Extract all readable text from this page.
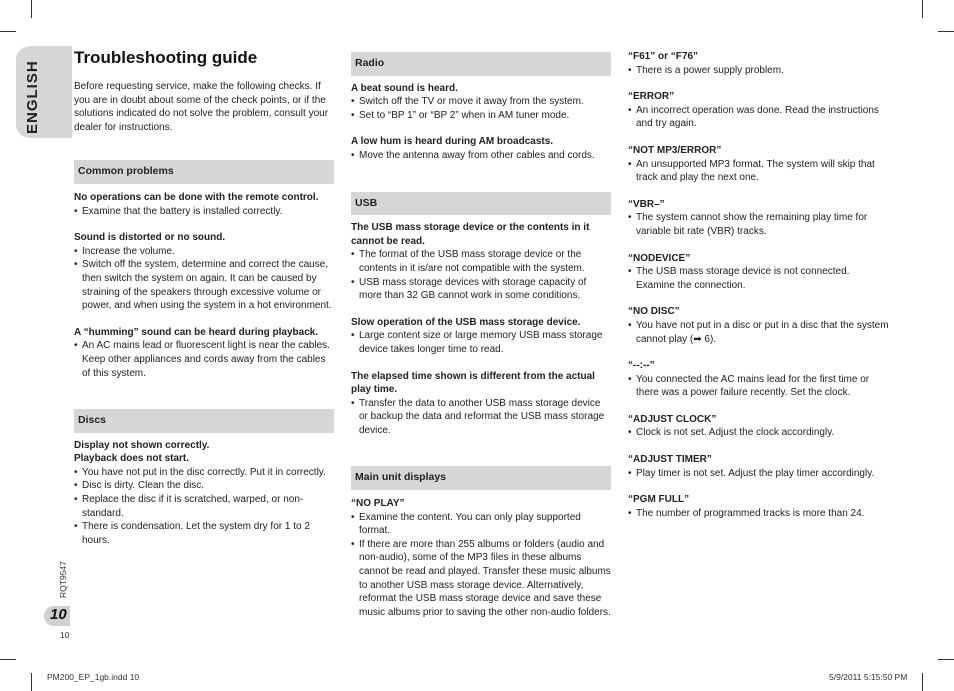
ENGLISH
Troubleshooting guide

Before requesting service, make the following checks. If you are in doubt about some of the check points, or if the solutions indicated do not solve the problem, consult your dealer for instructions.

Common problems

No operations can be done with the remote control.

• Examine that the battery is installed correctly.

Sound is distorted or no sound.

• Increase the volume.
• Switch off the system, determine and correct the cause, then switch the system on again. It can be caused by straining of the speakers through excessive volume or power, and when using the system in a hot environment.

A “humming” sound can be heard during playback.

• An AC mains lead or fluorescent light is near the cables. Keep other appliances and cords away from the cables of this system.
Discs

Display not shown correctly.

Playback does not start.

• You have not put in the disc correctly. Put it in correctly.
• Disc is dirty. Clean the disc.
• Replace the disc if it is scratched, warped, or non-standard.
• There is condensation. Let the system dry for 1 to 2 hours.
Radio

A beat sound is heard.

• Switch off the TV or move it away from the system.
• Set to “BP 1” or “BP 2” when in AM tuner mode.

A low hum is heard during AM broadcasts.

• Move the antenna away from other cables and cords.
USB

The USB mass storage device or the contents in it cannot be read.

• The format of the USB mass storage device or the contents in it is/are not compatible with the system.
• USB mass storage devices with storage capacity of more than 32 GB cannot work in some conditions.

Slow operation of the USB mass storage device.

• Large content size or large memory USB mass storage device takes longer time to read.

The elapsed time shown is different from the actual play time.

• Transfer the data to another USB mass storage device or backup the data and reformat the USB mass storage device.
Main unit displays

“NO PLAY”

• Examine the content. You can only play supported format.
• If there are more than 255 albums or folders (audio and non-audio), some of the MP3 files in these albums cannot be read and played. Transfer these music albums to another USB mass storage device. Alternatively, reformat the USB mass storage device and save these music albums prior to saving the other non-audio folders.

“F61” or “F76”

• There is a power supply problem.

“ERROR”

• An incorrect operation was done. Read the instructions and try again.

“NOT MP3/ERROR”

• An unsupported MP3 format. The system will skip that track and play the next one.

“VBR–”

• The system cannot show the remaining play time for variable bit rate (VBR) tracks.

“NODEVICE”

• The USB mass storage device is not connected. Examine the connection.

“NO DISC”

• You have not put in a disc or put in a disc that the system cannot play (➡ 6).

“--:--”

• You connected the AC mains lead for the first time or there was a power failure recently. Set the clock.

“ADJUST CLOCK”

• Clock is not set. Adjust the clock accordingly.

“ADJUST TIMER”

• Play timer is not set. Adjust the play timer accordingly.

“PGM FULL”

• The number of programmed tracks is more than 24.
RQT9547
10
10
PM200_EP_1gb.indd 10	5/9/2011 5:15:50 PM
